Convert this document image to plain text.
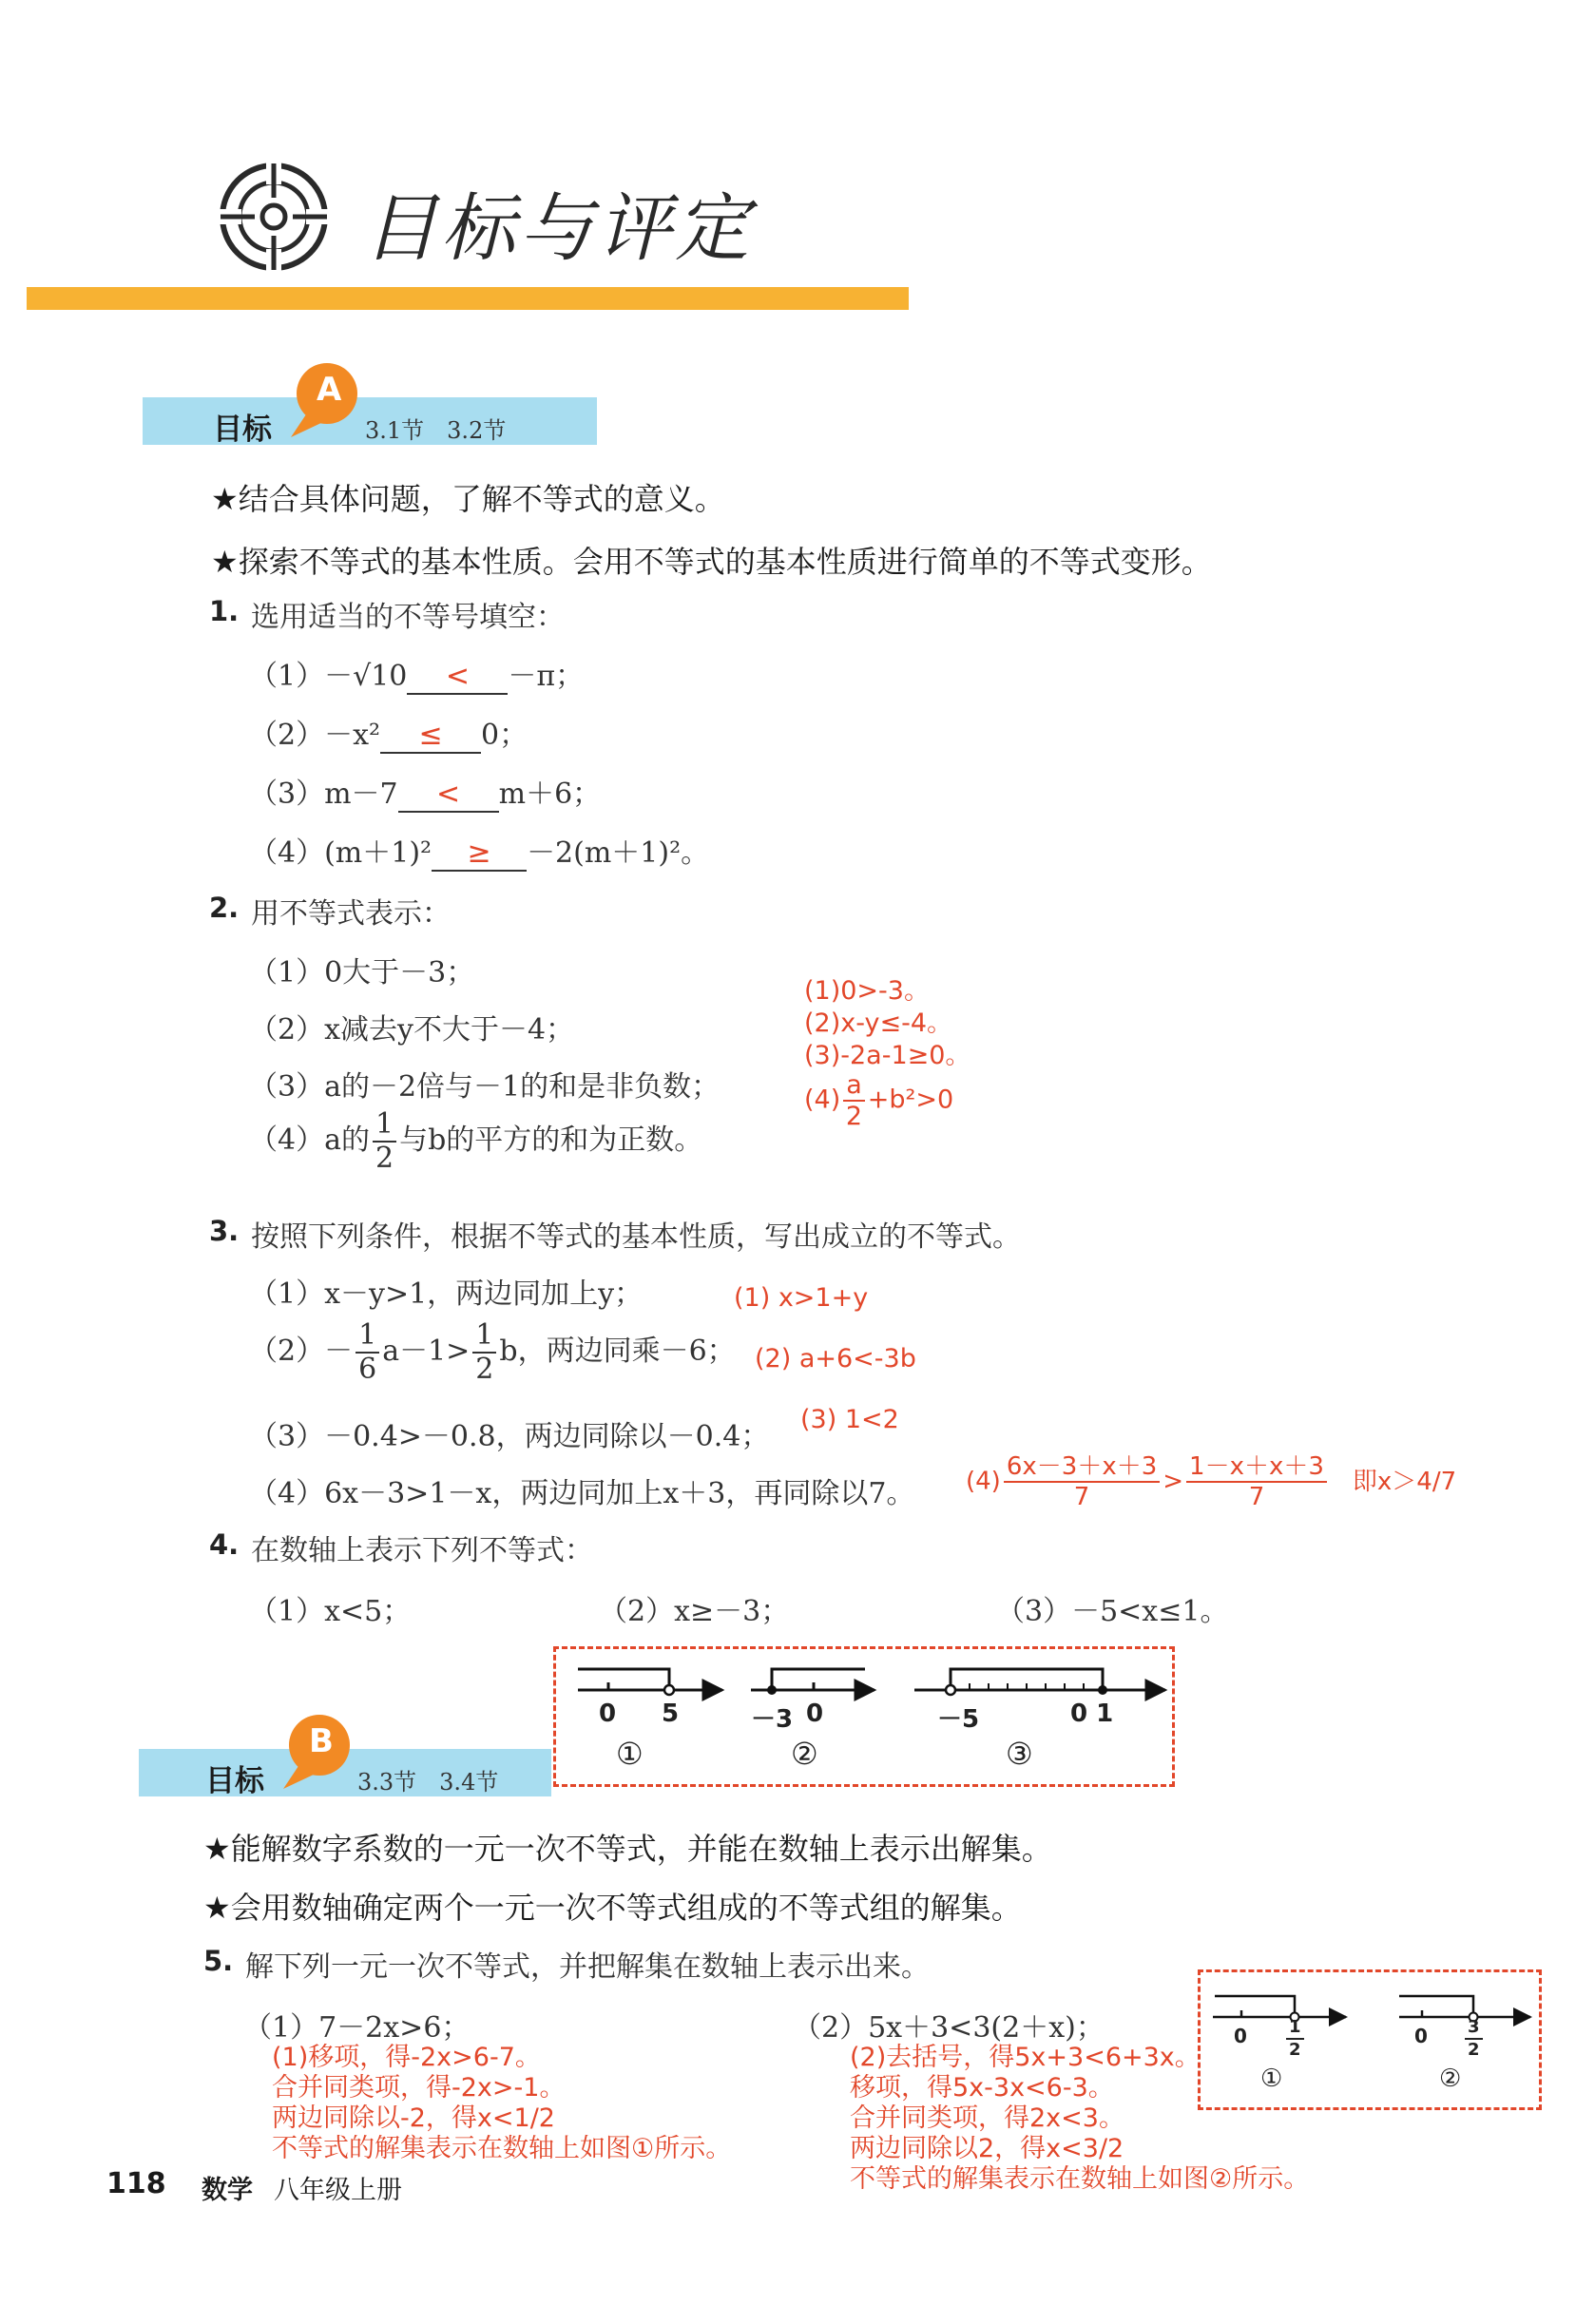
目标与评定
目标
A
3.1节　3.2节
★结合具体问题，了解不等式的意义。
★探索不等式的基本性质。会用不等式的基本性质进行简单的不等式变形。
1. 选用适当的不等号填空：
（1）－√10 < －π；
（2）－x² ≤ 0；
（3）m－7 < m＋6；
（4）(m＋1)² ≥ －2(m＋1)²。
2. 用不等式表示：
（1）0大于－3；
（2）x减去y不大于－4；
（3）a的－2倍与－1的和是非负数；
（4）a的 $\frac{1}{2}$ 与b的平方的和为正数。
(1)0>-3。
(2)x-y≤-4。
(3)-2a-1≥0。
$(4) \frac{a}{2} +b^2>0$
3. 按照下列条件，根据不等式的基本性质，写出成立的不等式。
（1）x－y>1，两边同加上y；	(1) x>1+y
$(2)- \frac{1}{6} a-1> \frac{1}{2}$ b，两边同乘－6； (2) a+6<-3b
（3）－0.4>－0.8，两边同除以－0.4；
(3) 1<2
（4）6x－3>1－x，两边同加上x＋3，再同除以7。 $(4) \frac{6x-3+x+3}{7} > \frac{1-x+x+3}{7}$ 即x＞4/7
4. 在数轴上表示下列不等式：
（1）x<5；	（2）x≥－3；	（3）－5<x≤1。
0 5	－3 0	－5	0 1
①	②	③
目标
B
3.3节　3.4节
★能解数字系数的一元一次不等式，并能在数轴上表示出解集。
★会用数轴确定两个一元一次不等式组成的不等式组的解集。
5. 解下列一元一次不等式，并把解集在数轴上表示出来。
（1）7－2x>6；	（2）5x＋3<3(2＋x)；
(1)移项，得-2x>6-7。
合并同类项，得-2x>-1。
两边同除以-2，得x<1/2
不等式的解集表示在数轴上如图①所示。
(2)去括号，得5x+3<6+3x。
移项，得5x-3x<6-3。
合并同类项，得2x<3。
两边同除以2，得x<3/2
不等式的解集表示在数轴上如图②所示。
$0 \frac{1}{2}$	$0 \frac{3}{2}$
①	②
118 数学 八年级上册
